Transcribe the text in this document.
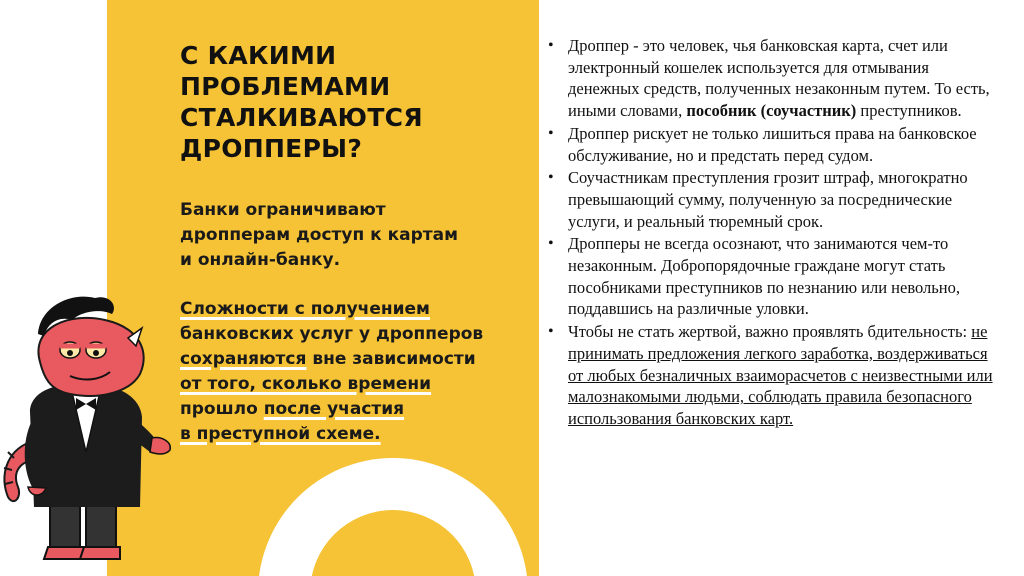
С КАКИМИ
ПРОБЛЕМАМИ
СТАЛКИВАЮТСЯ
ДРОППЕРЫ?

Банки ограничивают
дропперам доступ к картам
и онлайн-банку.

Сложности с получением
банковских услуг у дропперов
сохраняются вне зависимости
от того, сколько времени
прошло после участия
в преступной схеме.

• Дроппер - это человек, чья банковская карта, счет или электронный кошелек используется для отмывания денежных средств, полученных незаконным путем. То есть, иными словами, пособник (соучастник) преступников.
• Дроппер рискует не только лишиться права на банковское обслуживание, но и предстать перед судом.
• Соучастникам преступления грозит штраф, многократно превышающий сумму, полученную за посреднические услуги, и реальный тюремный срок.
• Дропперы не всегда осознают, что занимаются чем-то незаконным. Добропорядочные граждане могут стать пособниками преступников по незнанию или невольно, поддавшись на различные уловки.
• Чтобы не стать жертвой, важно проявлять бдительность: не принимать предложения легкого заработка, воздерживаться от любых безналичных взаиморасчетов с неизвестными или малознакомыми людьми, соблюдать правила безопасного использования банковских карт.
